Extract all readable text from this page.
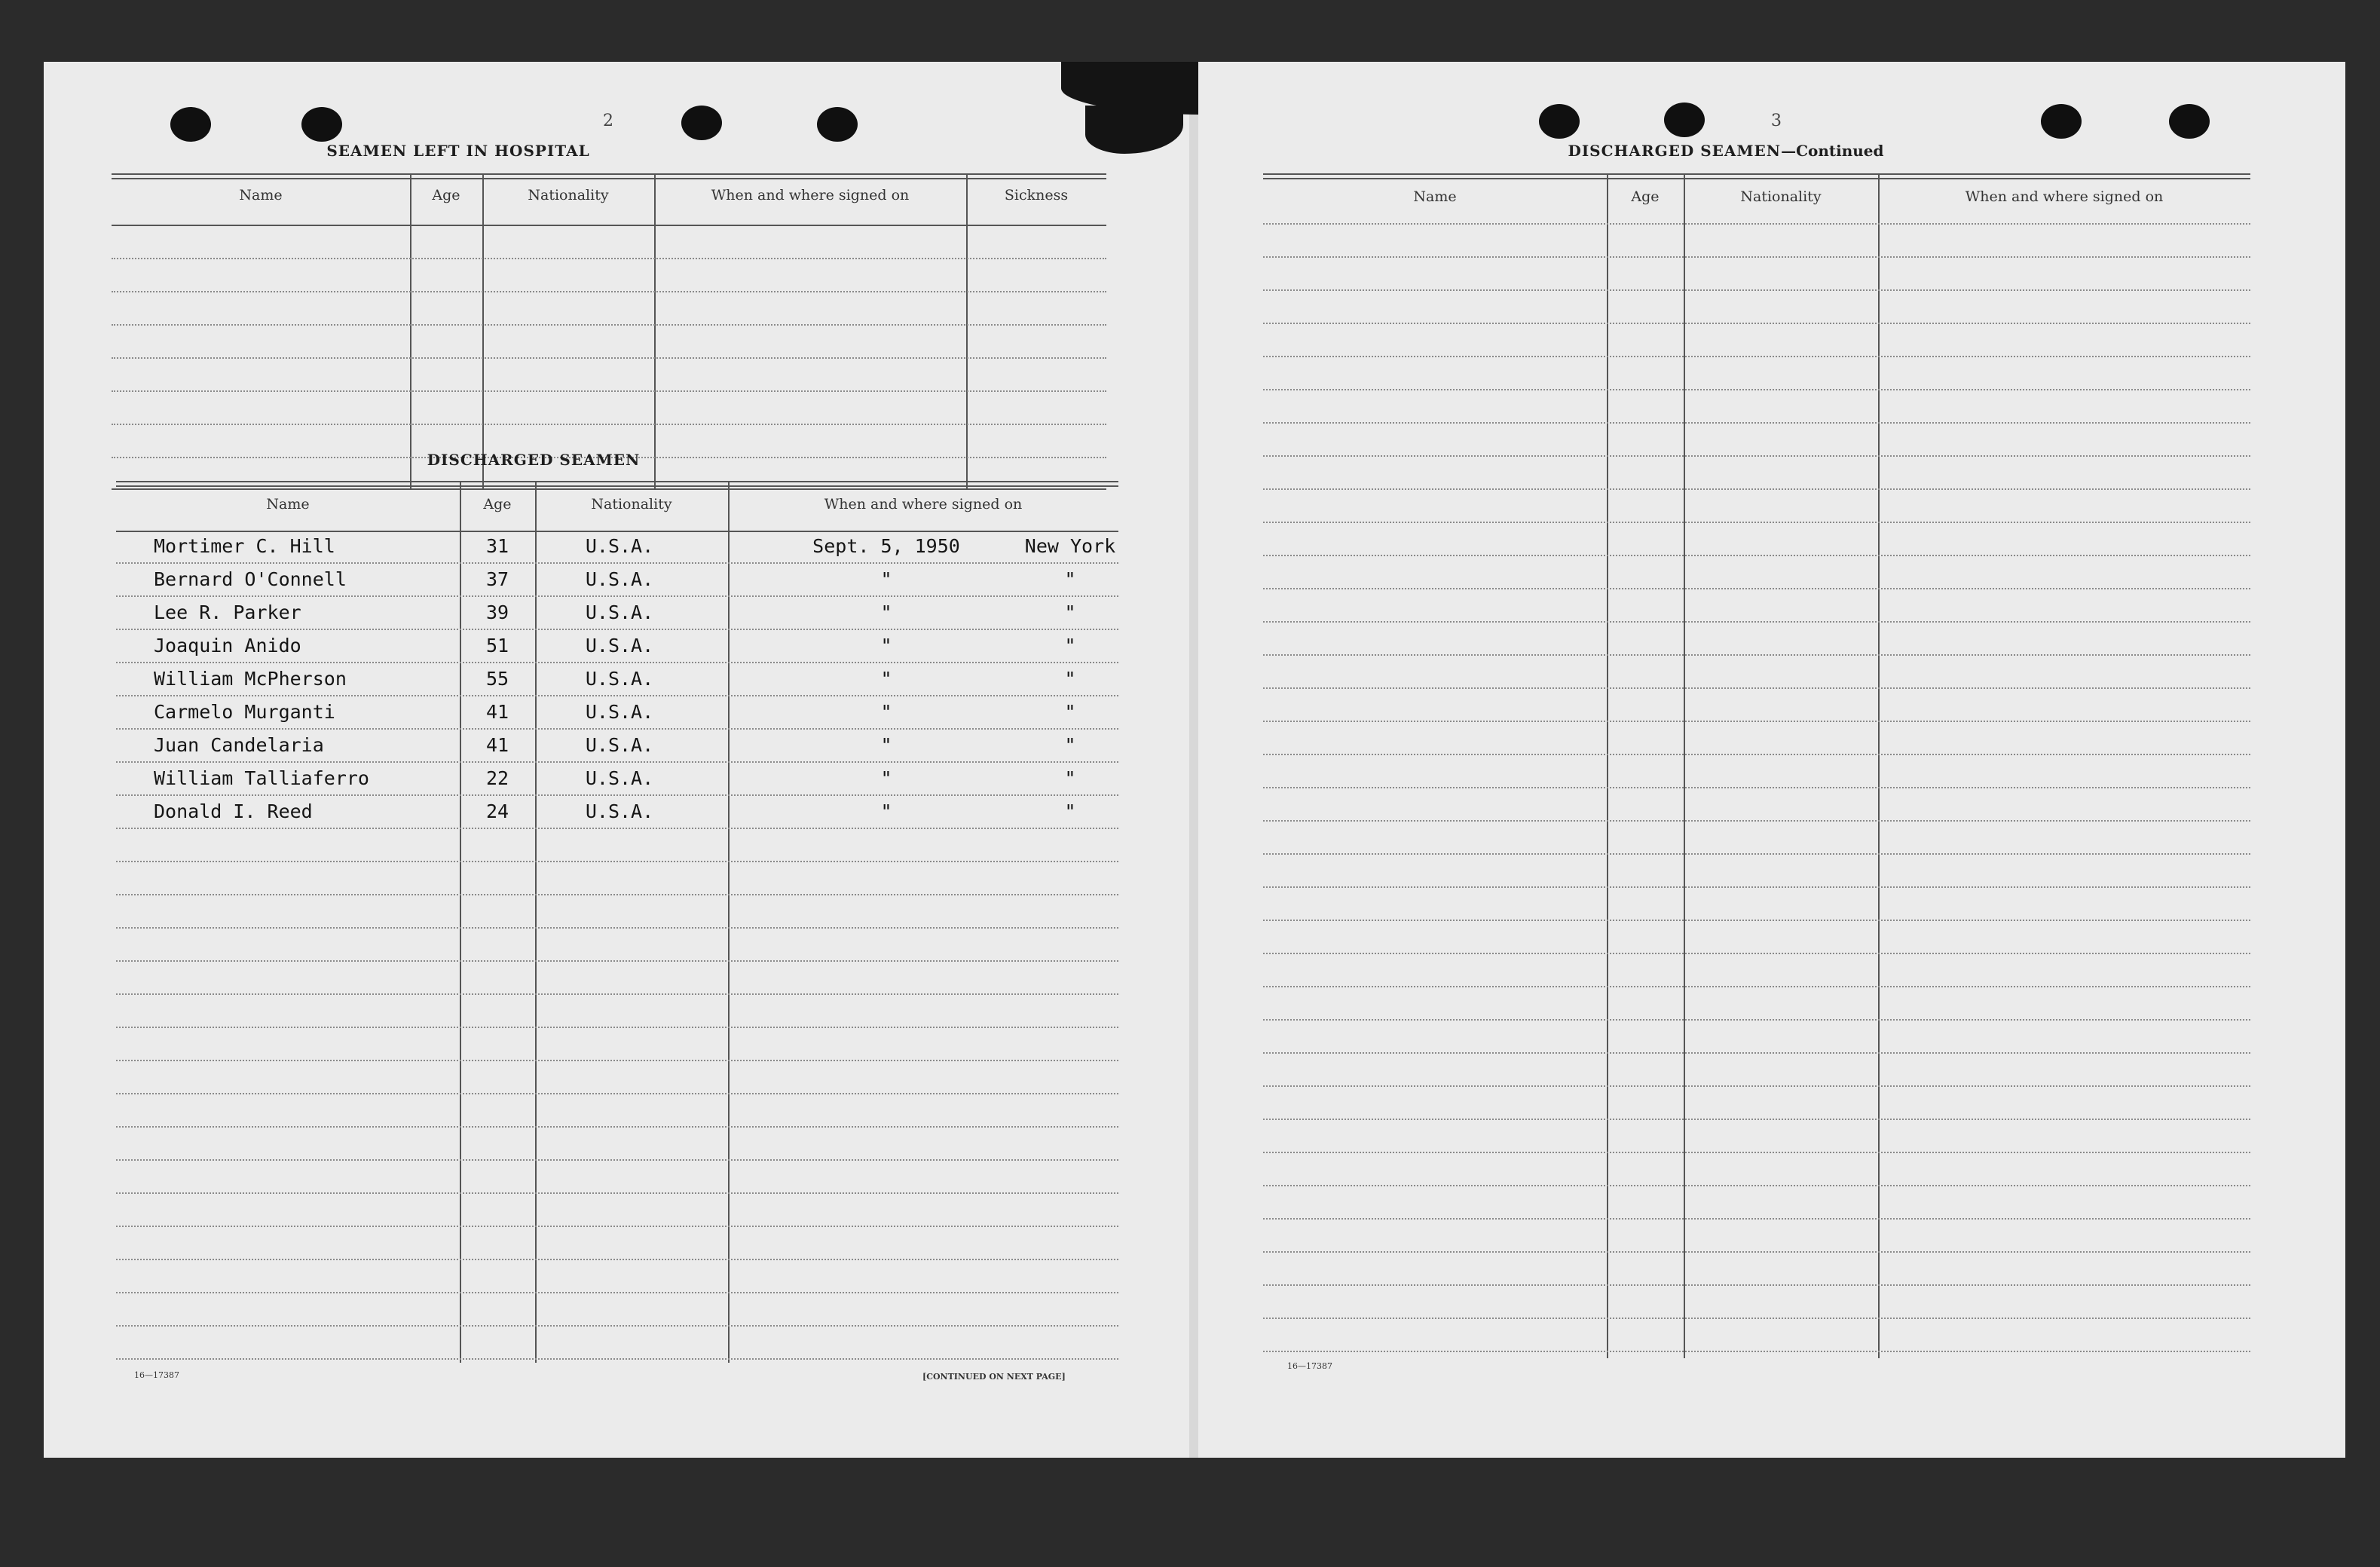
2
SEAMEN LEFT IN HOSPITAL
Name	Age	Nationality	When and where signed on	Sickness
DISCHARGED SEAMEN
Name	Age	Nationality	When and where signed on
Mortimer C. Hill	31	U.S.A.	Sept. 5, 1950	New York
Bernard O'Connell	37	U.S.A.	"	"
Lee R. Parker	39	U.S.A.	"	"
Joaquin Anido	51	U.S.A.	"	"
William McPherson	55	U.S.A.	"	"
Carmelo Murganti	41	U.S.A.	"	"
Juan Candelaria	41	U.S.A.	"	"
William Talliaferro	22	U.S.A.	"	"
Donald I. Reed	24	U.S.A.	"	"
16—17387	[CONTINUED ON NEXT PAGE]
3
DISCHARGED SEAMEN—Continued
Name	Age	Nationality	When and where signed on
16—17387
